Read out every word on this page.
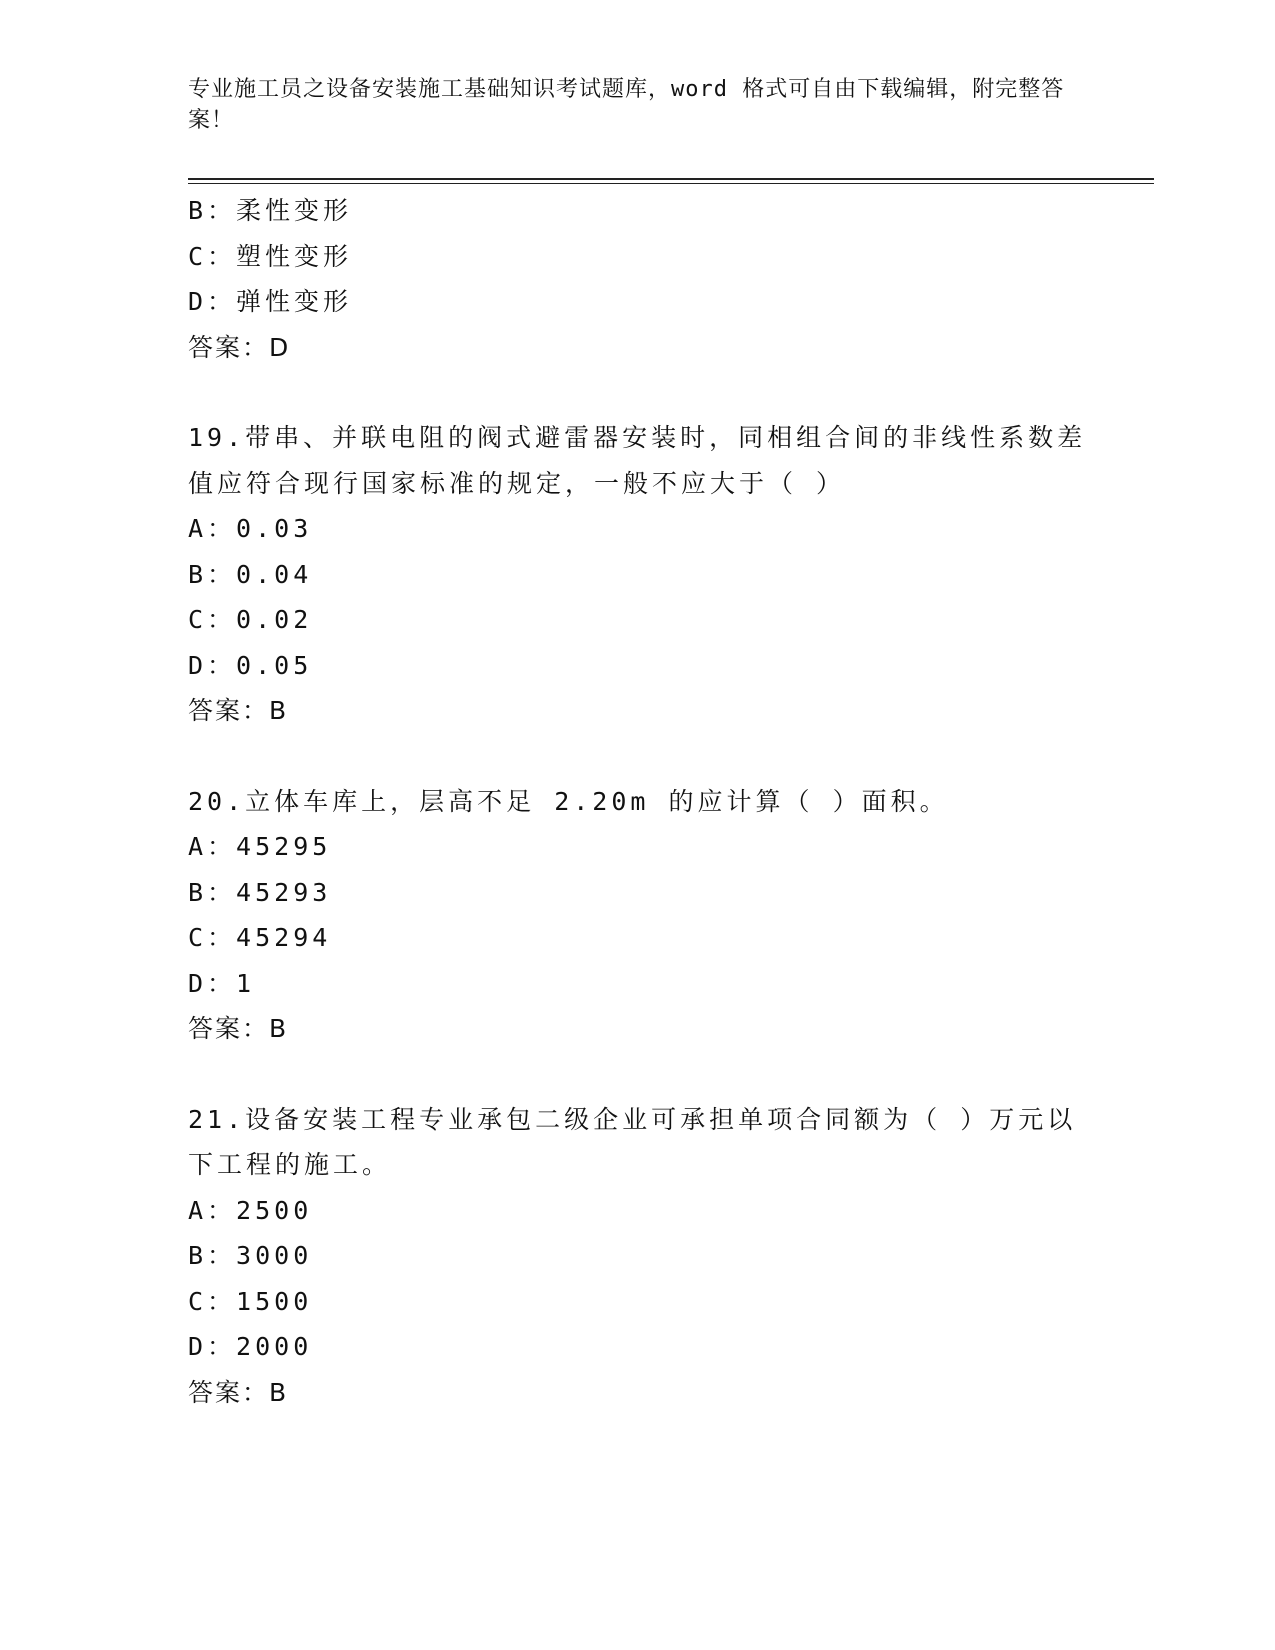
专业施工员之设备安装施工基础知识考试题库，word 格式可自由下载编辑，附完整答案！
B：柔性变形
C：塑性变形
D：弹性变形
答案：D
19.带串、并联电阻的阀式避雷器安装时，同相组合间的非线性系数差
值应符合现行国家标准的规定，一般不应大于（ ）
A：0.03
B：0.04
C：0.02
D：0.05
答案：B
20.立体车库上，层高不足 2.20m 的应计算（ ）面积。
A：45295
B：45293
C：45294
D：1
答案：B
21.设备安装工程专业承包二级企业可承担单项合同额为（ ）万元以
下工程的施工。
A：2500
B：3000
C：1500
D：2000
答案：B
